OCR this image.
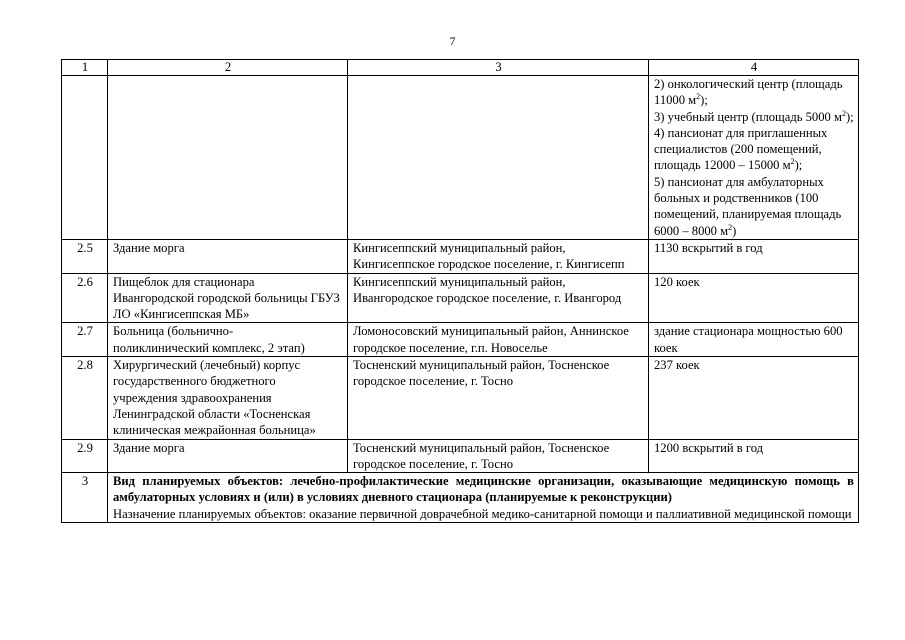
7
1	2	3	4

			2) онкологический центр (площадь 11000 $м^2$);
3) учебный центр (площадь 5000 $м^2$);
4) пансионат для приглашенных специалистов (200 помещений, площадь 12000 – 15000 $м^2$);
5) пансионат для амбулаторных больных и родственников (100 помещений, планируемая площадь 6000 – 8000 $м^2$)

2.5	Здание морга	Кингисеппский муниципальный район, Кингисеппское городское поселение, г. Кингисепп	1130 вскрытий в год
2.6	Пищеблок для стационара
Ивангородской городской больницы ГБУЗ ЛО «Кингисеппская МБ»	Кингисеппский муниципальный район, Ивангородское городское поселение, г. Ивангород	120 коек
2.7	Больница (больнично-
поликлинический комплекс, 2 этап)	Ломоносовский муниципальный район, Аннинское городское поселение, г.п. Новоселье	здание стационара мощностью 600 коек
2.8	Хирургический (лечебный) корпус государственного бюджетного учреждения здравоохранения Ленинградской области «Тосненская клиническая межрайонная больница»	Тосненский муниципальный район, Тосненское городское поселение, г. Тосно	237 коек
2.9	Здание морга	Тосненский муниципальный район, Тосненское городское поселение, г. Тосно	1200 вскрытий в год
3	Вид планируемых объектов: лечебно-профилактические медицинские организации, оказывающие медицинскую помощь в амбулаторных условиях и (или) в условиях дневного стационара (планируемые к реконструкции)
Назначение планируемых объектов: оказание первичной доврачебной медико-санитарной помощи и паллиативной медицинской помощи		
